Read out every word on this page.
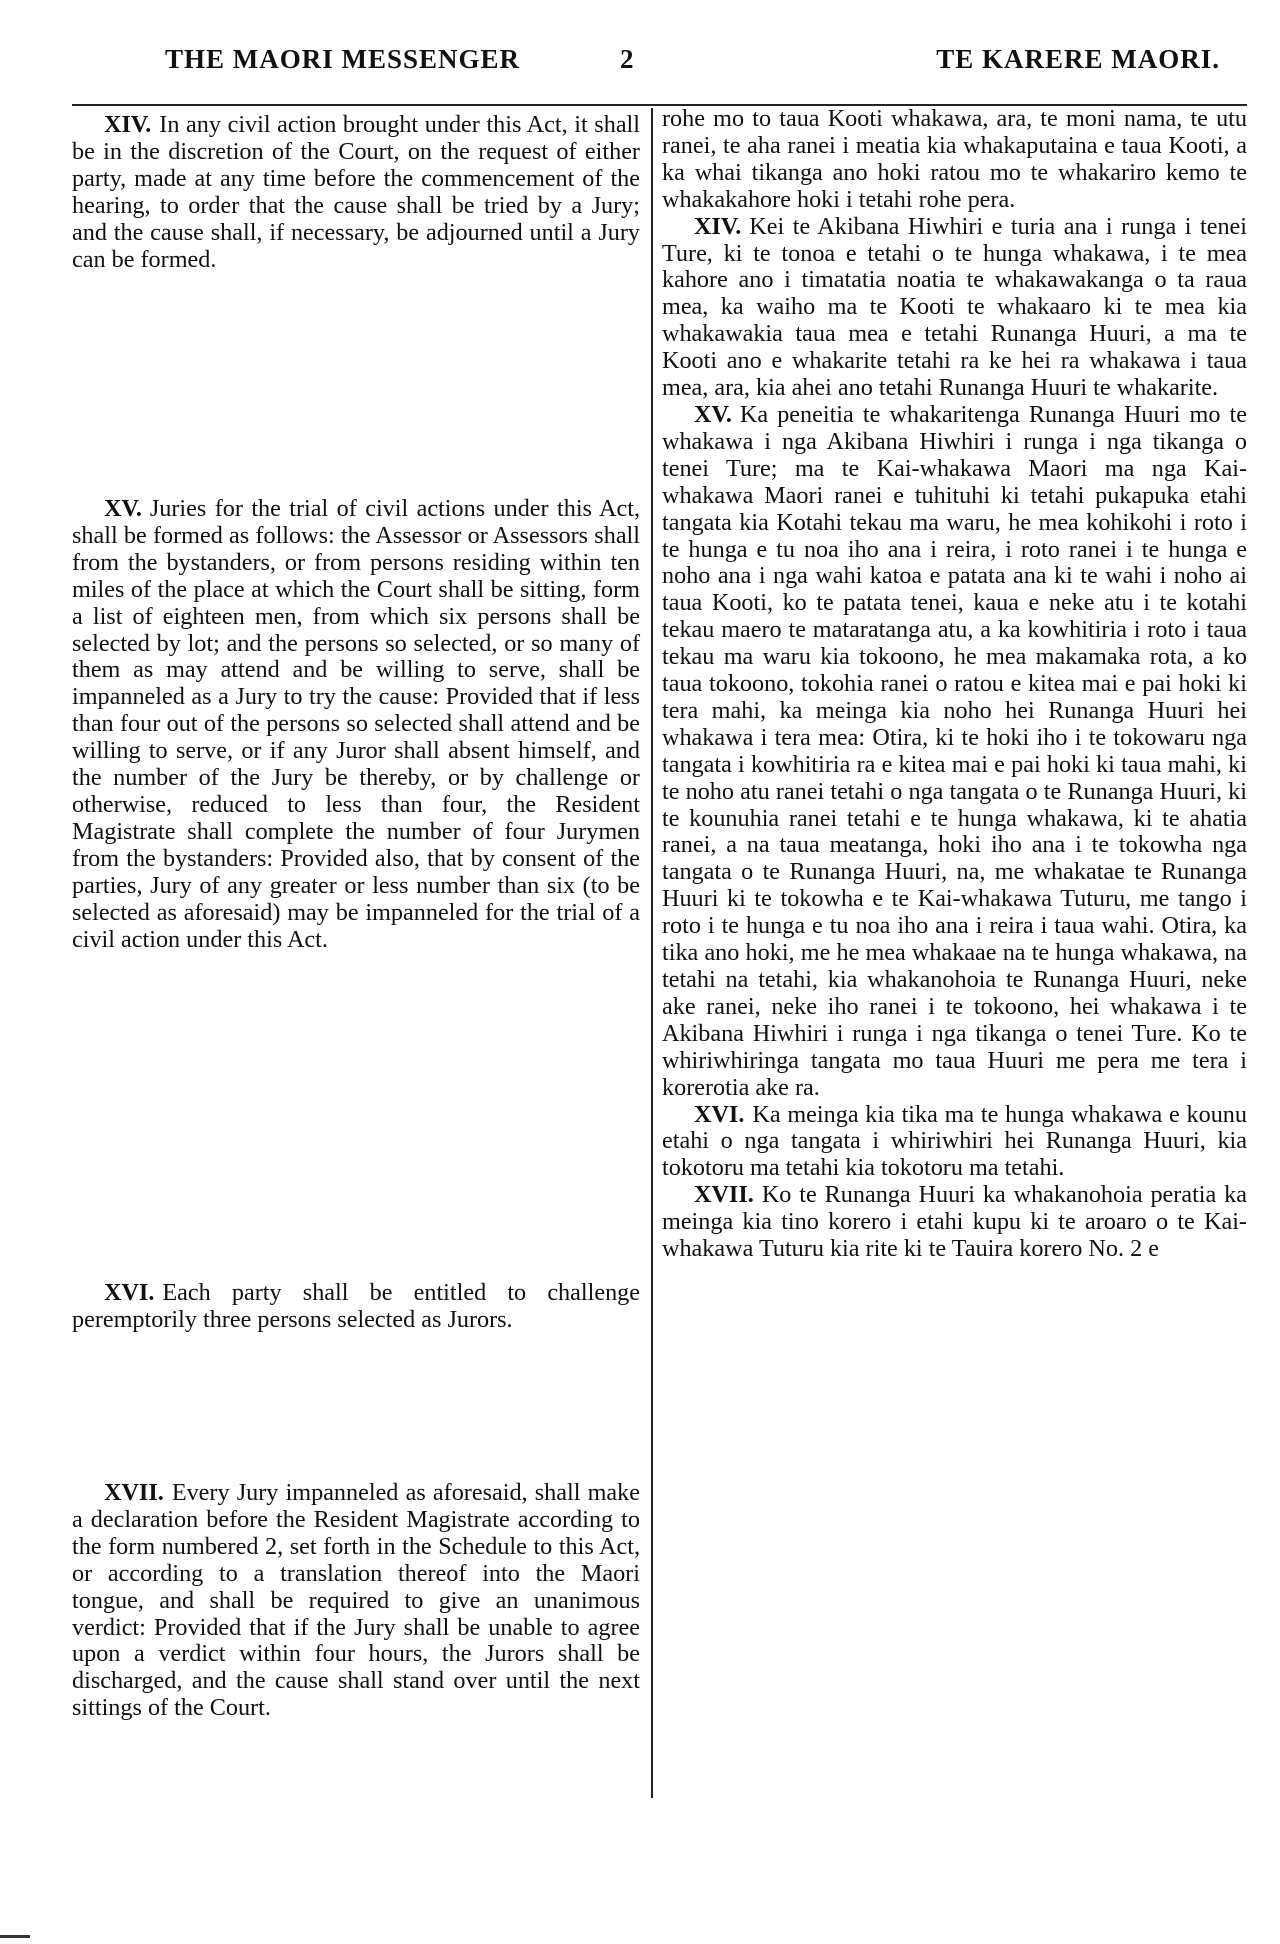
THE MAORI MESSENGER	2	TE KARERE MAORI.

XIV. In any civil action brought under this Act, it shall be in the discretion of the Court, on the request of either party, made at any time before the commencement of the hearing, to order that the cause shall be tried by a Jury; and the cause shall, if necessary, be adjourned until a Jury can be formed.

XV. Juries for the trial of civil actions under this Act, shall be formed as follows: the Assessor or Assessors shall from the bystanders, or from persons residing within ten miles of the place at which the Court shall be sitting, form a list of eighteen men, from which six persons shall be selected by lot; and the persons so selected, or so many of them as may attend and be willing to serve, shall be impanneled as a Jury to try the cause: Provided that if less than four out of the persons so selected shall attend and be willing to serve, or if any Juror shall absent himself, and the number of the Jury be thereby, or by challenge or otherwise, reduced to less than four, the Resident Magistrate shall complete the number of four Jurymen from the bystanders: Provided also, that by consent of the parties, Jury of any greater or less number than six (to be selected as aforesaid) may be impanneled for the trial of a civil action under this Act.

XVI. Each party shall be entitled to challenge peremptorily three persons selected as Jurors.

XVII. Every Jury impanneled as aforesaid, shall make a declaration before the Resident Magistrate according to the form numbered 2, set forth in the Schedule to this Act, or according to a translation thereof into the Maori tongue, and shall be required to give an unanimous verdict: Provided that if the Jury shall be unable to agree upon a verdict within four hours, the Jurors shall be discharged, and the cause shall stand over until the next sittings of the Court.

rohe mo to taua Kooti whakawa, ara, te moni nama, te utu ranei, te aha ranei i meatia kia whakaputaina e taua Kooti, a ka whai tikanga ano hoki ratou mo te whakariro kemo te whakakahore hoki i tetahi rohe pera.

XIV. Kei te Akibana Hiwhiri e turia ana i runga i tenei Ture, ki te tonoa e tetahi o te hunga whakawa, i te mea kahore ano i timatatia noatia te whakawakanga o ta raua mea, ka waiho ma te Kooti te whakaaro ki te mea kia whakawakia taua mea e tetahi Runanga Huuri, a ma te Kooti ano e whakarite tetahi ra ke hei ra whakawa i taua mea, ara, kia ahei ano tetahi Runanga Huuri te whakarite.

XV. Ka peneitia te whakaritenga Runanga Huuri mo te whakawa i nga Akibana Hiwhiri i runga i nga tikanga o tenei Ture; ma te Kai-whakawa Maori ma nga Kai-whakawa Maori ranei e tuhituhi ki tetahi pukapuka etahi tangata kia Kotahi tekau ma waru, he mea kohikohi i roto i te hunga e tu noa iho ana i reira, i roto ranei i te hunga e noho ana i nga wahi katoa e patata ana ki te wahi i noho ai taua Kooti, ko te patata tenei, kaua e neke atu i te kotahi tekau maero te mataratanga atu, a ka kowhitiria i roto i taua tekau ma waru kia tokoono, he mea makamaka rota, a ko taua tokoono, tokohia ranei o ratou e kitea mai e pai hoki ki tera mahi, ka meinga kia noho hei Runanga Huuri hei whakawa i tera mea: Otira, ki te hoki iho i te tokowaru nga tangata i kowhitiria ra e kitea mai e pai hoki ki taua mahi, ki te noho atu ranei tetahi o nga tangata o te Runanga Huuri, ki te kounuhia ranei tetahi e te hunga whakawa, ki te ahatia ranei, a na taua meatanga, hoki iho ana i te tokowha nga tangata o te Runanga Huuri, na, me whakatae te Runanga Huuri ki te tokowha e te Kai-whakawa Tuturu, me tango i roto i te hunga e tu noa iho ana i reira i taua wahi. Otira, ka tika ano hoki, me he mea whakaae na te hunga whakawa, na tetahi na tetahi, kia whakanohoia te Runanga Huuri, neke ake ranei, neke iho ranei i te tokoono, hei whakawa i te Akibana Hiwhiri i runga i nga tikanga o tenei Ture. Ko te whiriwhiringa tangata mo taua Huuri me pera me tera i korerotia ake ra.

XVI. Ka meinga kia tika ma te hunga whakawa e kounu etahi o nga tangata i whiriwhiri hei Runanga Huuri, kia tokotoru ma tetahi kia tokotoru ma tetahi.

XVII. Ko te Runanga Huuri ka whakanohoia peratia ka meinga kia tino korero i etahi kupu ki te aroaro o te Kai-whakawa Tuturu kia rite ki te Tauira korero No. 2 e
